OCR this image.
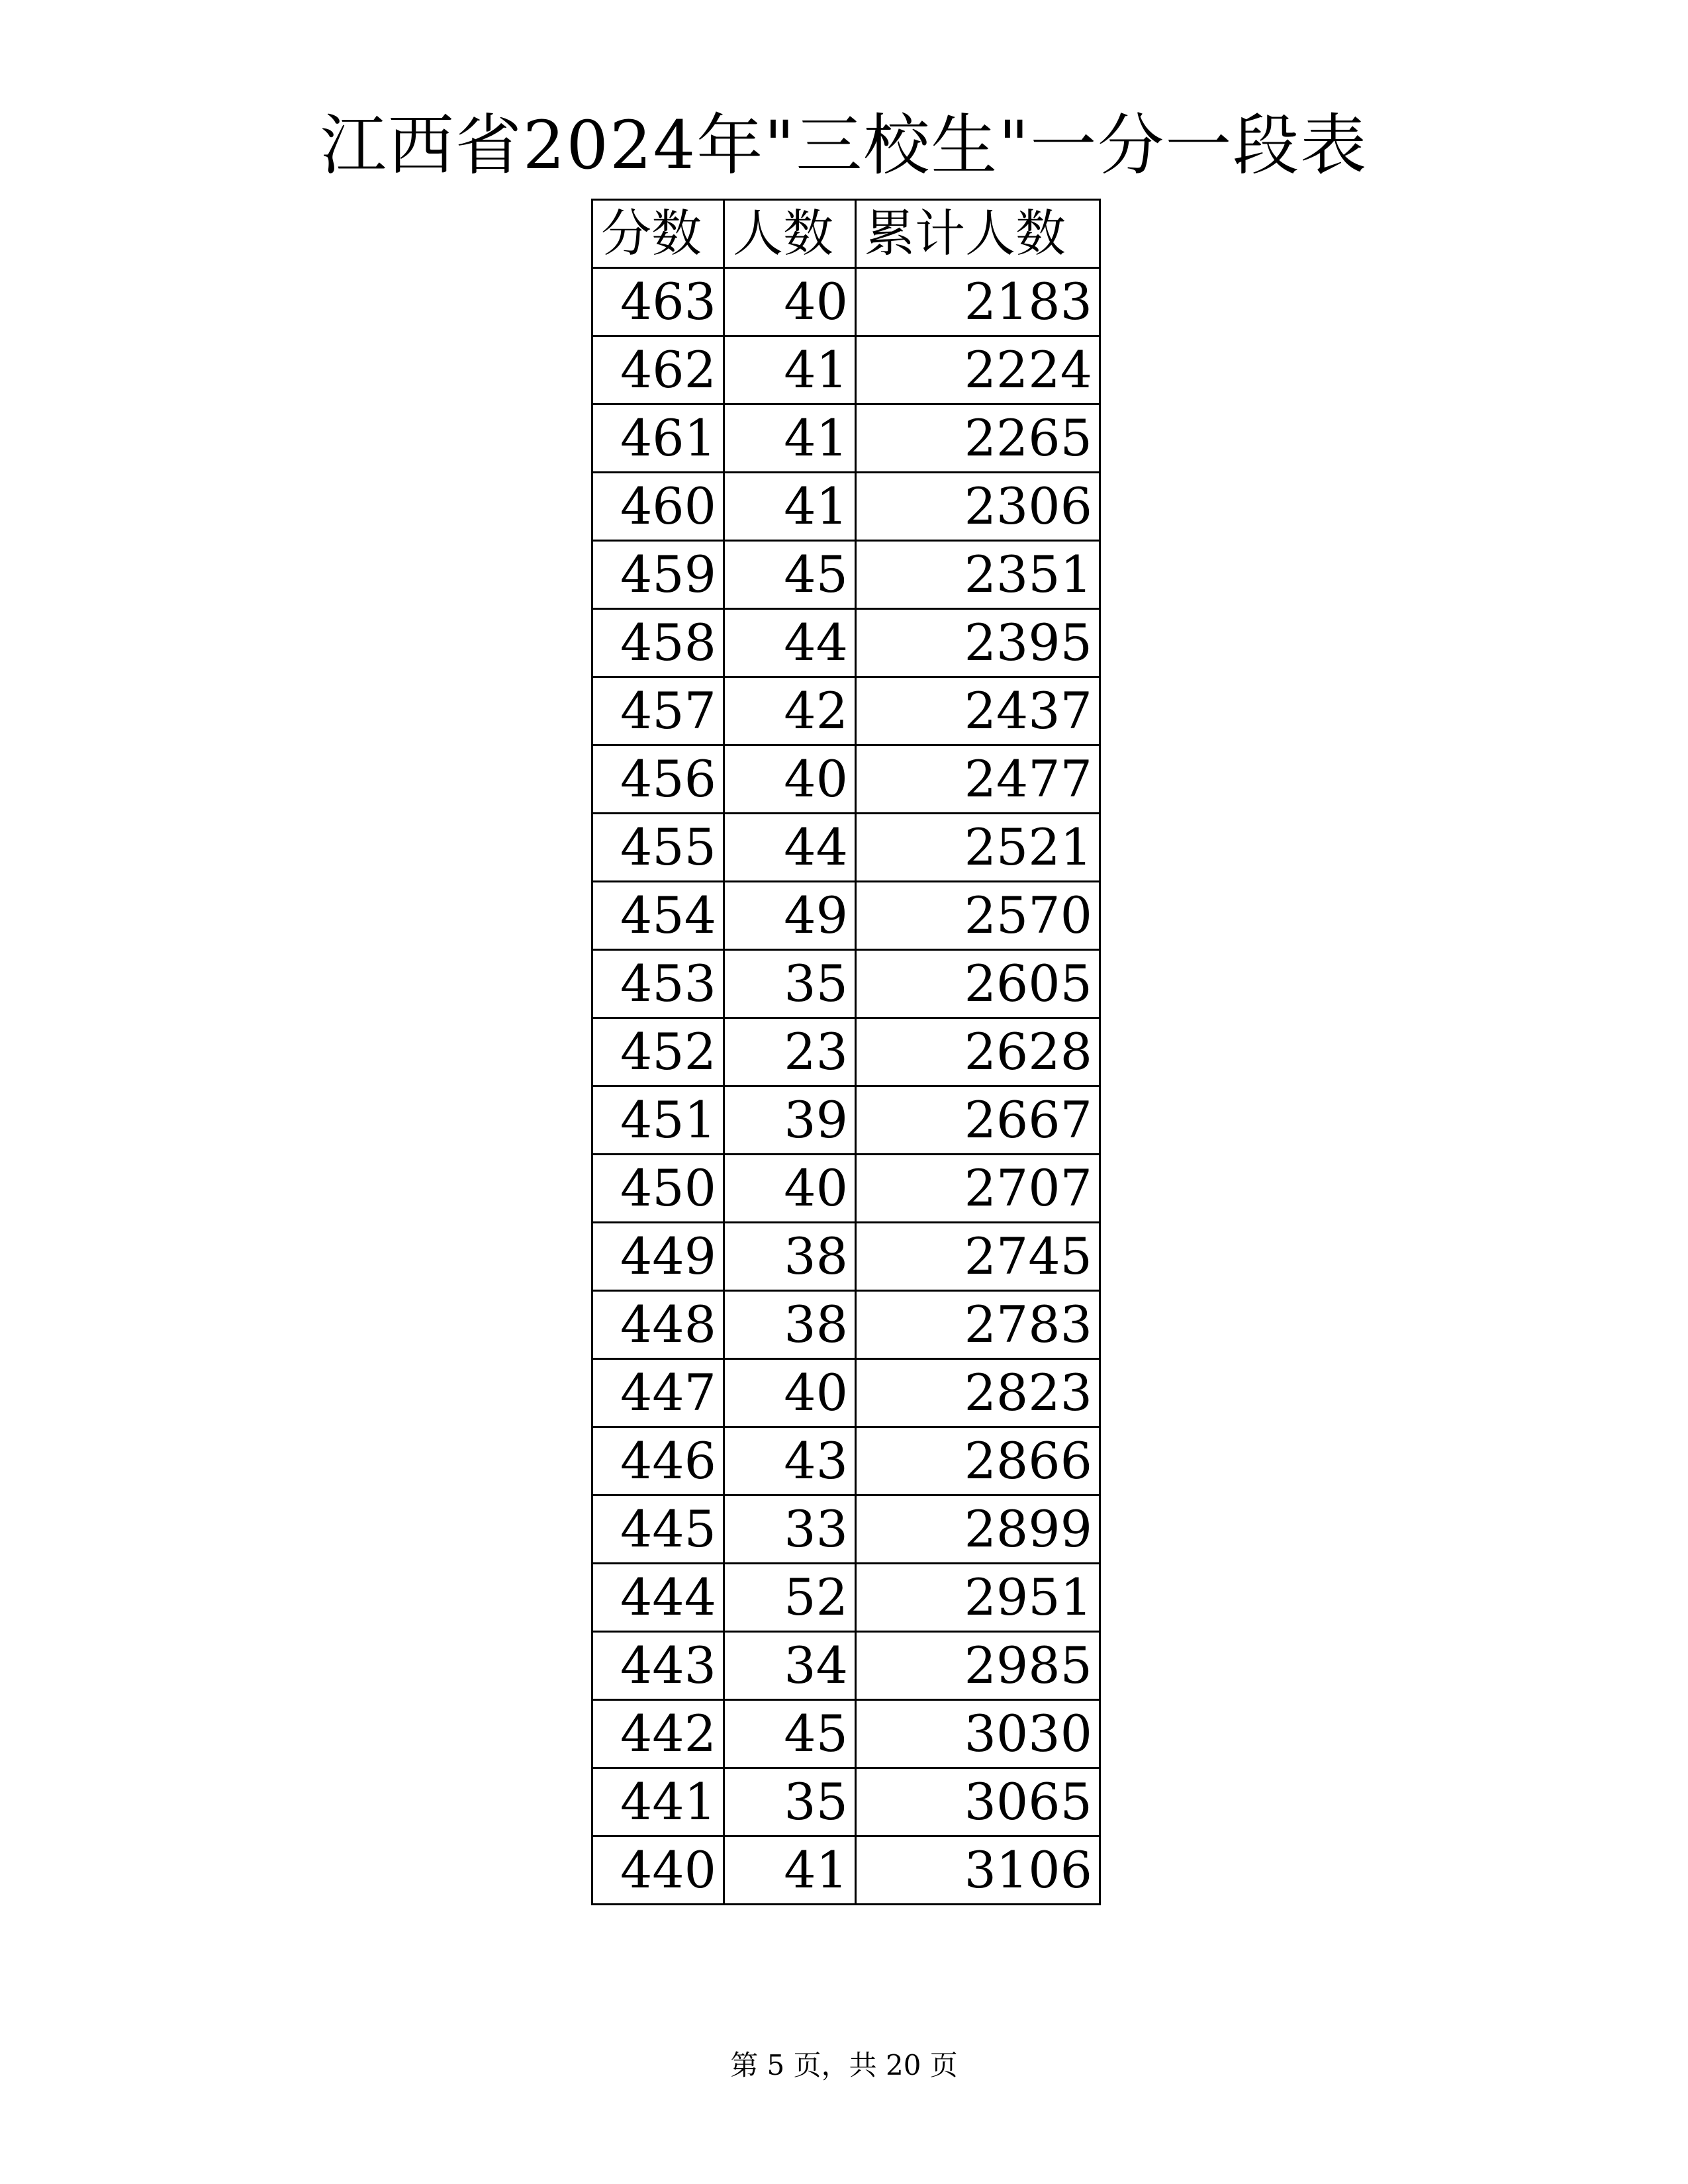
江西省2024年"三校生"一分一段表
分数	人数	累计人数
463	40	2183
462	41	2224
461	41	2265
460	41	2306
459	45	2351
458	44	2395
457	42	2437
456	40	2477
455	44	2521
454	49	2570
453	35	2605
452	23	2628
451	39	2667
450	40	2707
449	38	2745
448	38	2783
447	40	2823
446	43	2866
445	33	2899
444	52	2951
443	34	2985
442	45	3030
441	35	3065
440	41	3106
第 5 页，共 20 页
